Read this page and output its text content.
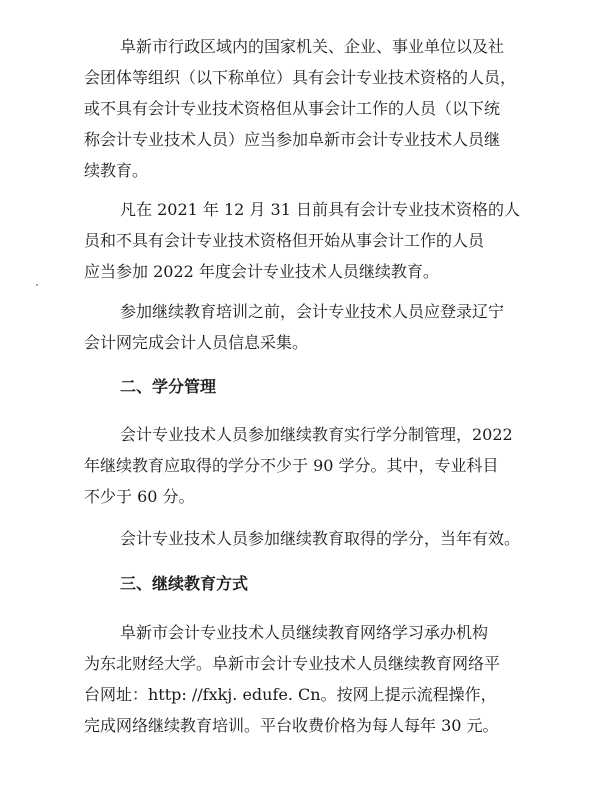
阜新市行政区域内的国家机关、企业、事业单位以及社
会团体等组织（以下称单位）具有会计专业技术资格的人员，
或不具有会计专业技术资格但从事会计工作的人员（以下统
称会计专业技术人员）应当参加阜新市会计专业技术人员继
续教育。
凡在 2021 年 12 月 31 日前具有会计专业技术资格的人
员和不具有会计专业技术资格但开始从事会计工作的人员
应当参加 2022 年度会计专业技术人员继续教育。
参加继续教育培训之前，会计专业技术人员应登录辽宁
会计网完成会计人员信息采集。
二、学分管理
会计专业技术人员参加继续教育实行学分制管理，2022
年继续教育应取得的学分不少于 90 学分。其中，专业科目
不少于 60 分。
会计专业技术人员参加继续教育取得的学分，当年有效。
三、继续教育方式
阜新市会计专业技术人员继续教育网络学习承办机构
为东北财经大学。阜新市会计专业技术人员继续教育网络平
台网址：http: //fxkj. edufe. Cn。按网上提示流程操作，
完成网络继续教育培训。平台收费价格为每人每年 30 元。
